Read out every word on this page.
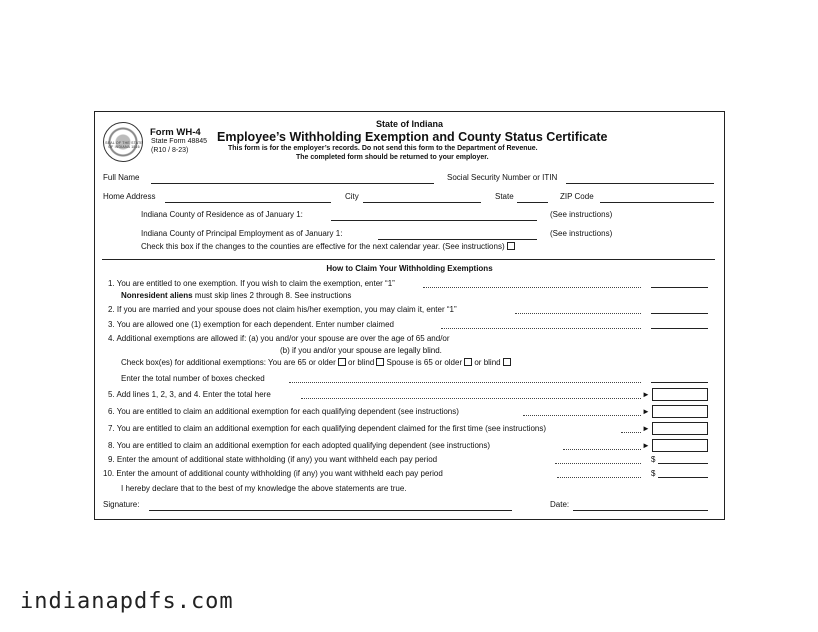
SEAL OF THE STATE OF INDIANA 1816
Form WH-4
State Form 48845
(R10 / 8-23)
State of Indiana
Employee’s Withholding Exemption and County Status Certificate
This form is for the employer’s records. Do not send this form to the Department of Revenue.
The completed form should be returned to your employer.
Full Name	Social Security Number or ITIN
Home Address	City	State	ZIP Code
Indiana County of Residence as of January 1:	(See instructions)
Indiana County of Principal Employment as of January 1:	(See instructions)
Check this box if the changes to the counties are effective for the next calendar year. (See instructions)
How to Claim Your Withholding Exemptions
1. You are entitled to one exemption. If you wish to claim the exemption, enter “1”
Nonresident aliens must skip lines 2 through 8. See instructions
2. If you are married and your spouse does not claim his/her exemption, you may claim it, enter “1”
3. You are allowed one (1) exemption for each dependent. Enter number claimed
4. Additional exemptions are allowed if: (a) you and/or your spouse are over the age of 65 and/or
(b) if you and/or your spouse are legally blind.
Check box(es) for additional exemptions: You are 65 or older or blind Spouse is 65 or older or blind
Enter the total number of boxes checked
5. Add lines 1, 2, 3, and 4. Enter the total here	►
6. You are entitled to claim an additional exemption for each qualifying dependent (see instructions)	►
7. You are entitled to claim an additional exemption for each qualifying dependent claimed for the first time (see instructions)	►
8. You are entitled to claim an additional exemption for each adopted qualifying dependent (see instructions)	►
9. Enter the amount of additional state withholding (if any) you want withheld each pay period	$
10. Enter the amount of additional county withholding (if any) you want withheld each pay period	$
I hereby declare that to the best of my knowledge the above statements are true.
Signature:	Date:
indianapdfs.com
